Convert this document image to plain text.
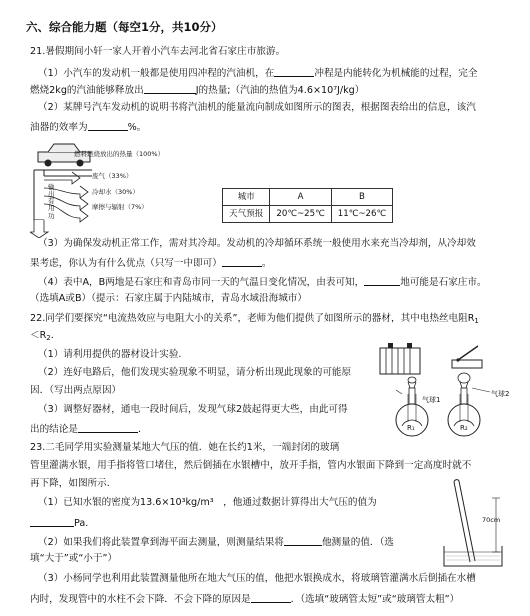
六、综合能力题（每空1分，共10分）
21.暑假期间小轩一家人开着小汽车去河北省石家庄市旅游。
（1）小汽车的发动机一般都是使用四冲程的汽油机，在	冲程是内能转化为机械能的过程，完全
燃烧2kg的汽油能够释放出	J的热量;（汽油的热值为4.6×10⁷J/kg）
（2）某牌号汽车发动机的说明书将汽油机的能量流向制成如图所示的图表，根据图表给出的信息，该汽
油器的效率为	%。
燃料燃烧放出的热量（100%）
废气（33%）
冷却水（30%）
摩擦与辐射（7%）
输出有用功
城市	A	B
天气预报	20℃~25℃	11℃~26℃
（3）为确保发动机正常工作，需对其冷却。发动机的冷却循环系统一般使用水来充当冷却剂，从冷却效
果考虑，你认为有什么优点（只写一中即可）	。
（4）表中A，B两地是石家庄和青岛市同一天的气温日变化情况，由表可知，	地可能是石家庄市。
（选填A或B）（提示：石家庄属于内陆城市，青岛水域沿海城市）
22.同学们要探究“电流热效应与电阻大小的关系”，老师为他们提供了如图所示的器材，其中电热丝电阻$R_1$
$<R_2$．
（1）请利用提供的器材设计实验．
（2）连好电路后，他们发现实验现象不明显，请分析出现此现象的可能原
因．（写出两点原因）
（3）调整好器材，通电一段时间后，发现气球2鼓起得更大些，由此可得
出的结论是	．
气球1
气球2
R₁	R₂
23.二毛同学用实验测量某地大气压的值．她在长约1米，一端封闭的玻璃
管里灌满水银，用手指将管口堵住，然后倒插在水银槽中，放开手指，管内水银面下降到一定高度时就不
再下降，如图所示．
（1）已知水银的密度为13.6×10³kg/m³　，他通过数据计算得出大气压的值为
Pa.
（2）如果我们将此装置拿到海平面去测量，则测量结果将	他测量的值．（选
填“大于”或“小于”）
（3）小杨同学也利用此装置测量他所在地大气压的值，他把水银换成水，将玻璃管灌满水后倒插在水槽
内时，发现管中的水柱不会下降．不会下降的原因是	．（选填“玻璃管太短”或“玻璃管太粗”）
70cm
